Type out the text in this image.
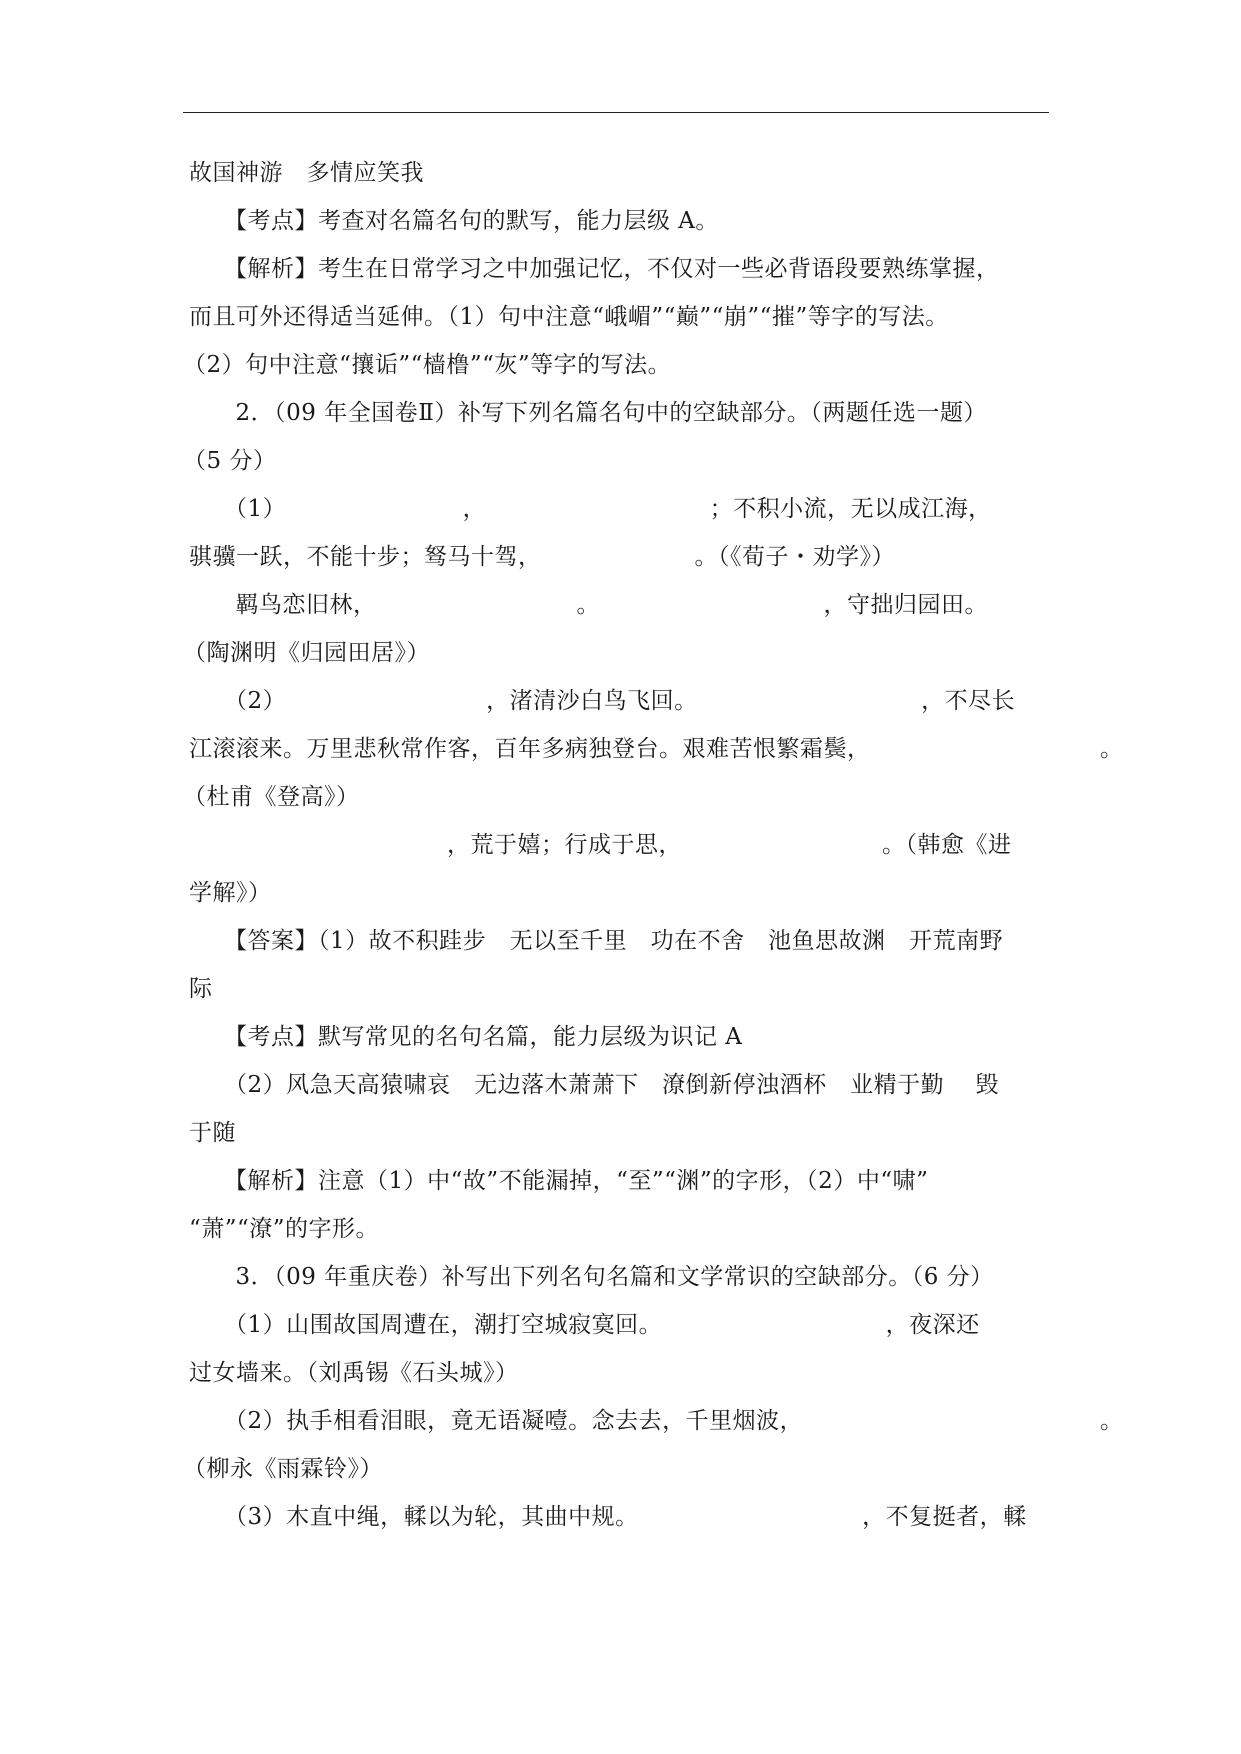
故国神游　多情应笑我
　【考点】考查对名篇名句的默写，能力层级 A。
　【解析】考生在日常学习之中加强记忆，不仅对一些必背语段要熟练掌握，
而且可外还得适当延伸。（1）句中注意“峨嵋”“巅”“崩”“摧”等字的写法。
（2）句中注意“攘诟”“樯橹”“灰”等字的写法。
　2．（09 年全国卷Ⅱ）补写下列名篇名句中的空缺部分。（两题任选一题）
（5 分）
　（1）　　　　　　　　，　　　　　　　　　　；不积小流，无以成江海，
骐骥一跃，不能十步；驽马十驾，　　　　　　　。（《荀子・劝学》）
　羁鸟恋旧林，　　　　　　　　　。　　　　　　　　　　，守拙归园田。
（陶渊明《归园田居》）
　（2）　　　　　　　　　，渚清沙白鸟飞回。　　　　　　　　　　，不尽长
江滚滚来。万里悲秋常作客，百年多病独登台。艰难苦恨繁霜鬓，	。
（杜甫《登高》）
　　　　　　　　　　，荒于嬉；行成于思，　　　　　　　　　。（韩愈《进
学解》）
　【答案】（1）故不积跬步　无以至千里　功在不舍　池鱼思故渊　开荒南野
际
　【考点】默写常见的名句名篇，能力层级为识记 A
　（2）风急天高猿啸哀　无边落木萧萧下　潦倒新停浊酒杯　业精于勤　 毁
于随
　【解析】注意（1）中“故”不能漏掉，“至”“渊”的字形，（2）中“啸”
“萧”“潦”的字形。
　3．（09 年重庆卷）补写出下列名句名篇和文学常识的空缺部分。（6 分）
　（1）山围故国周遭在，潮打空城寂寞回。　　　　　　　　　　，夜深还
过女墙来。（刘禹锡《石头城》）
　（2）执手相看泪眼，竟无语凝噎。念去去，千里烟波，	。
（柳永《雨霖铃》）
　（3）木直中绳，輮以为轮，其曲中规。　　　　　　　　　　，不复挺者，輮
